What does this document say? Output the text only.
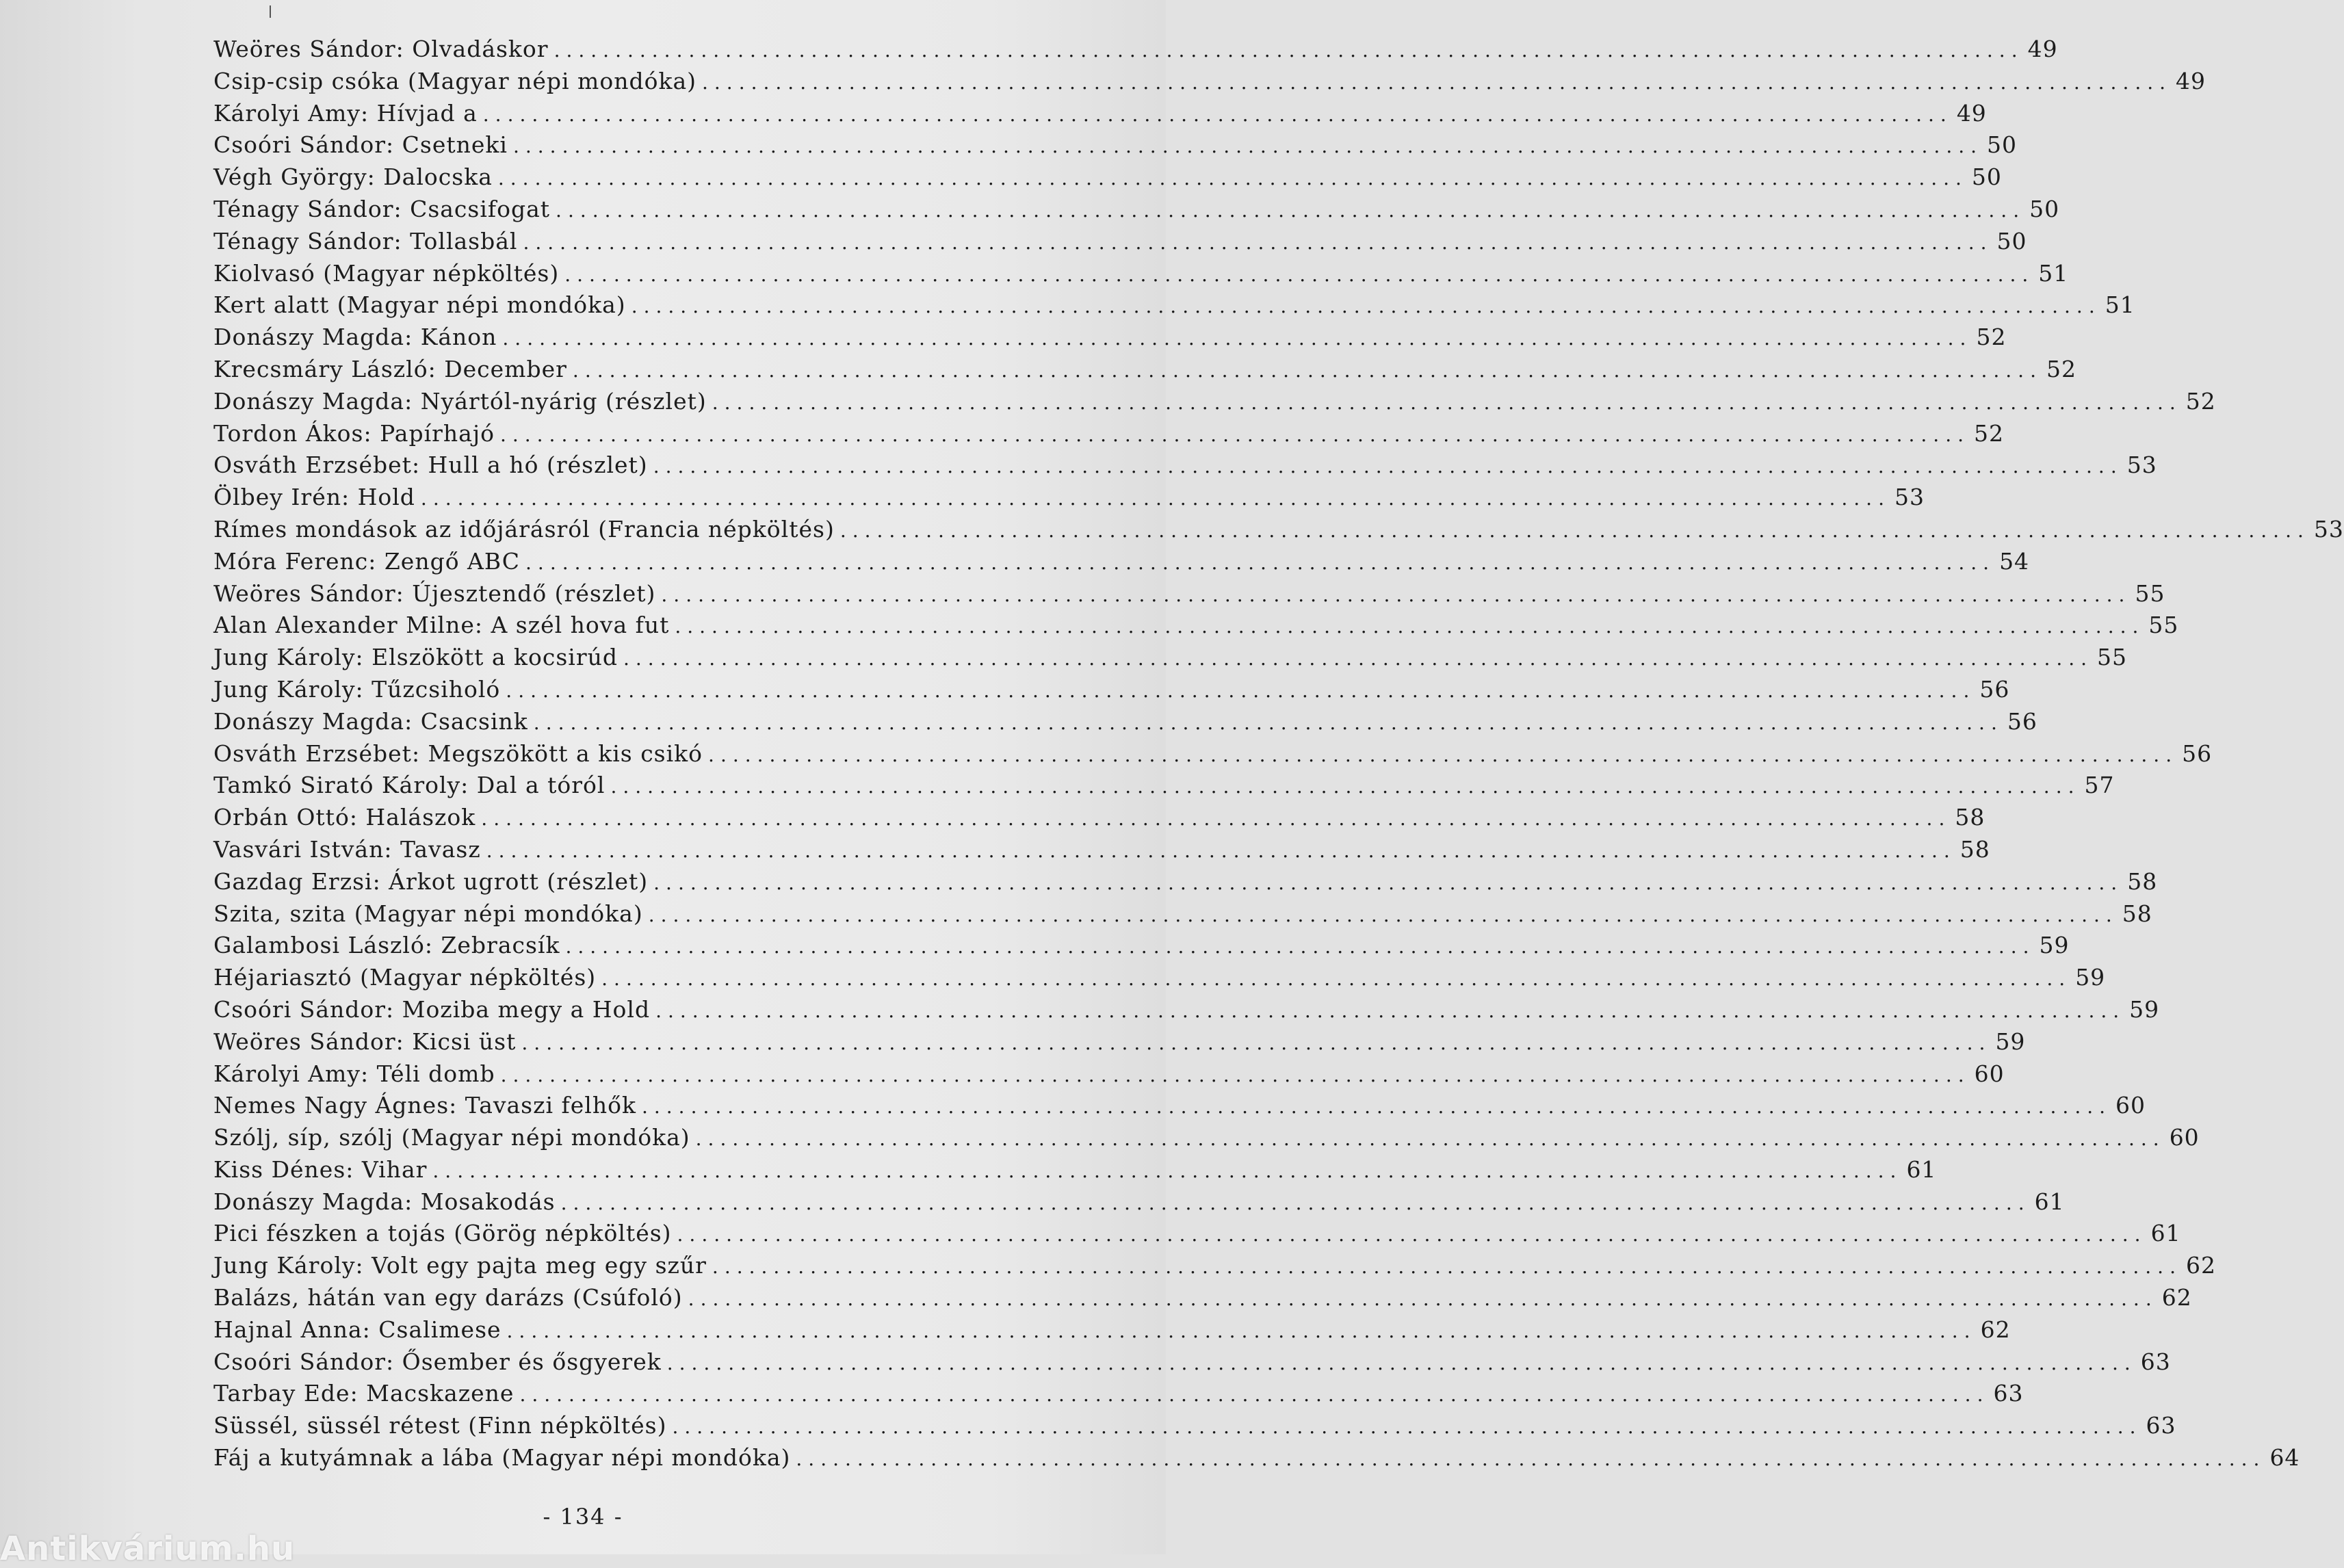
Weöres Sándor: Olvadáskor ........................................................................................................................ 49
Csip-csip csóka (Magyar népi mondóka) ........................................................................................................................ 49
Károlyi Amy: Hívjad a ........................................................................................................................ 49
Csoóri Sándor: Csetneki ........................................................................................................................ 50
Végh György: Dalocska ........................................................................................................................ 50
Ténagy Sándor: Csacsifogat ........................................................................................................................ 50
Ténagy Sándor: Tollasbál ........................................................................................................................ 50
Kiolvasó (Magyar népköltés) ........................................................................................................................ 51
Kert alatt (Magyar népi mondóka) ........................................................................................................................ 51
Donászy Magda: Kánon ........................................................................................................................ 52
Krecsmáry László: December ........................................................................................................................ 52
Donászy Magda: Nyártól-nyárig (részlet) ........................................................................................................................ 52
Tordon Ákos: Papírhajó ........................................................................................................................ 52
Osváth Erzsébet: Hull a hó (részlet) ........................................................................................................................ 53
Ölbey Irén: Hold ........................................................................................................................ 53
Rímes mondások az időjárásról (Francia népköltés) ........................................................................................................................ 53
Móra Ferenc: Zengő ABC ........................................................................................................................ 54
Weöres Sándor: Újesztendő (részlet) ........................................................................................................................ 55
Alan Alexander Milne: A szél hova fut ........................................................................................................................ 55
Jung Károly: Elszökött a kocsirúd ........................................................................................................................ 55
Jung Károly: Tűzcsiholó ........................................................................................................................ 56
Donászy Magda: Csacsink ........................................................................................................................ 56
Osváth Erzsébet: Megszökött a kis csikó ........................................................................................................................ 56
Tamkó Sirató Károly: Dal a tóról ........................................................................................................................ 57
Orbán Ottó: Halászok ........................................................................................................................ 58
Vasvári István: Tavasz ........................................................................................................................ 58
Gazdag Erzsi: Árkot ugrott (részlet) ........................................................................................................................ 58
Szita, szita (Magyar népi mondóka) ........................................................................................................................ 58
Galambosi László: Zebracsík ........................................................................................................................ 59
Héjariasztó (Magyar népköltés) ........................................................................................................................ 59
Csoóri Sándor: Moziba megy a Hold ........................................................................................................................ 59
Weöres Sándor: Kicsi üst ........................................................................................................................ 59
Károlyi Amy: Téli domb ........................................................................................................................ 60
Nemes Nagy Ágnes: Tavaszi felhők ........................................................................................................................ 60
Szólj, síp, szólj (Magyar népi mondóka) ........................................................................................................................ 60
Kiss Dénes: Vihar ........................................................................................................................ 61
Donászy Magda: Mosakodás ........................................................................................................................ 61
Pici fészken a tojás (Görög népköltés) ........................................................................................................................ 61
Jung Károly: Volt egy pajta meg egy szűr ........................................................................................................................ 62
Balázs, hátán van egy darázs (Csúfoló) ........................................................................................................................ 62
Hajnal Anna: Csalimese ........................................................................................................................ 62
Csoóri Sándor: Ősember és ősgyerek ........................................................................................................................ 63
Tarbay Ede: Macskazene ........................................................................................................................ 63
Süssél, süssél rétest (Finn népköltés) ........................................................................................................................ 63
Fáj a kutyámnak a lába (Magyar népi mondóka) ........................................................................................................................ 64
- 134 -
Antikvárium.hu
